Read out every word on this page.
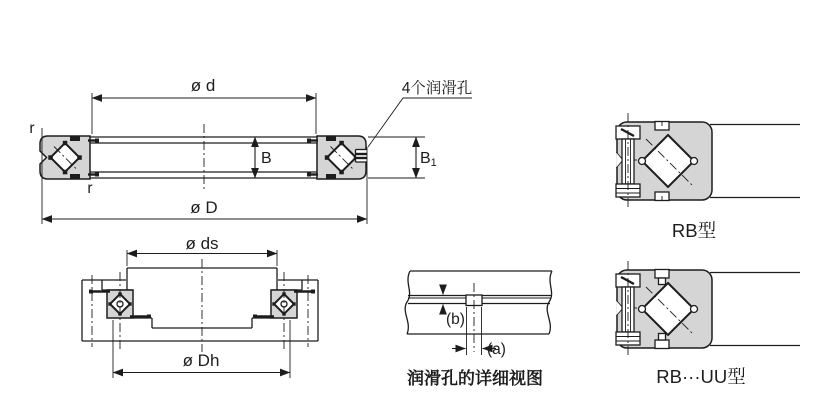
ø d
ø D
B	B1
r
r
4个润滑孔
ø ds
ø Dh
(b)
(a)
润滑孔的详细视图
RB型
RB···UU型
